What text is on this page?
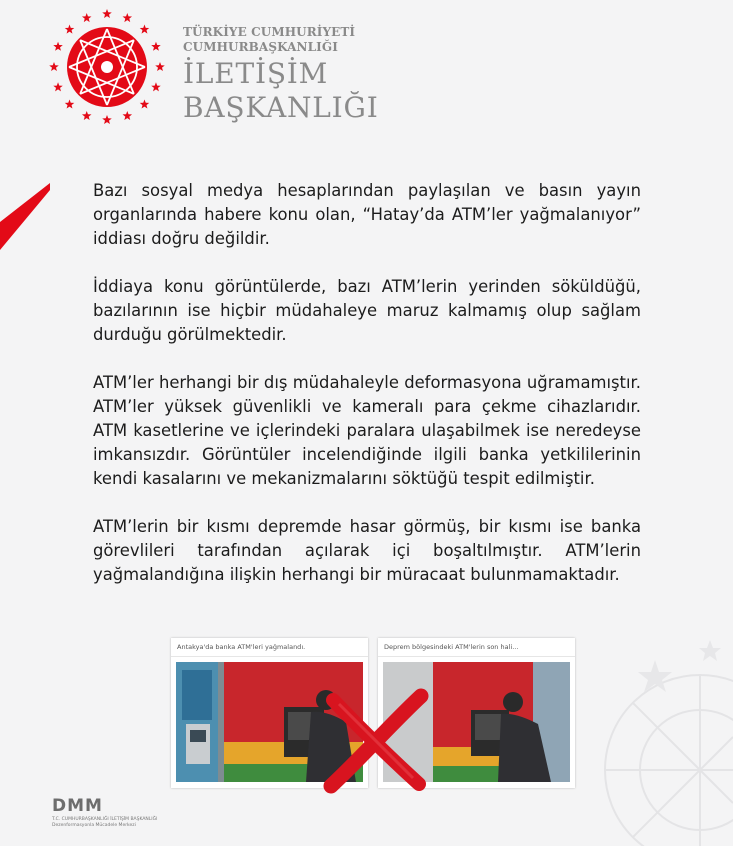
TÜRKİYE CUMHURİYETİ
CUMHURBAŞKANLIĞI
İLETİŞİM
BAŞKANLIĞI

Bazı sosyal medya hesaplarından paylaşılan ve basın yayın organlarında habere konu olan, “Hatay’da ATM’ler yağmalanıyor” iddiası doğru değildir.

İddiaya konu görüntülerde, bazı ATM’lerin yerinden söküldüğü, bazılarının ise hiçbir müdahaleye maruz kalmamış olup sağlam durduğu görülmektedir.

ATM’ler herhangi bir dış müdahaleyle deformasyona uğramamıştır. ATM’ler yüksek güvenlikli ve kameralı para çekme cihazlarıdır. ATM kasetlerine ve içlerindeki paralara ulaşabilmek ise neredeyse imkansızdır. Görüntüler incelendiğinde ilgili banka yetkililerinin kendi kasalarını ve mekanizmalarını söktüğü tespit edilmiştir.

ATM’lerin bir kısmı depremde hasar görmüş, bir kısmı ise banka görevlileri tarafından açılarak içi boşaltılmıştır. ATM’lerin yağmalandığına ilişkin herhangi bir müracaat bulunmamaktadır.

Antakya'da banka ATM'leri yağmalandı.	Deprem bölgesindeki ATM'lerin son hali...
DMM
T.C. CUMHURBAŞKANLIĞI İLETİŞİM BAŞKANLIĞI
Dezenformasyonla Mücadele Merkezi
